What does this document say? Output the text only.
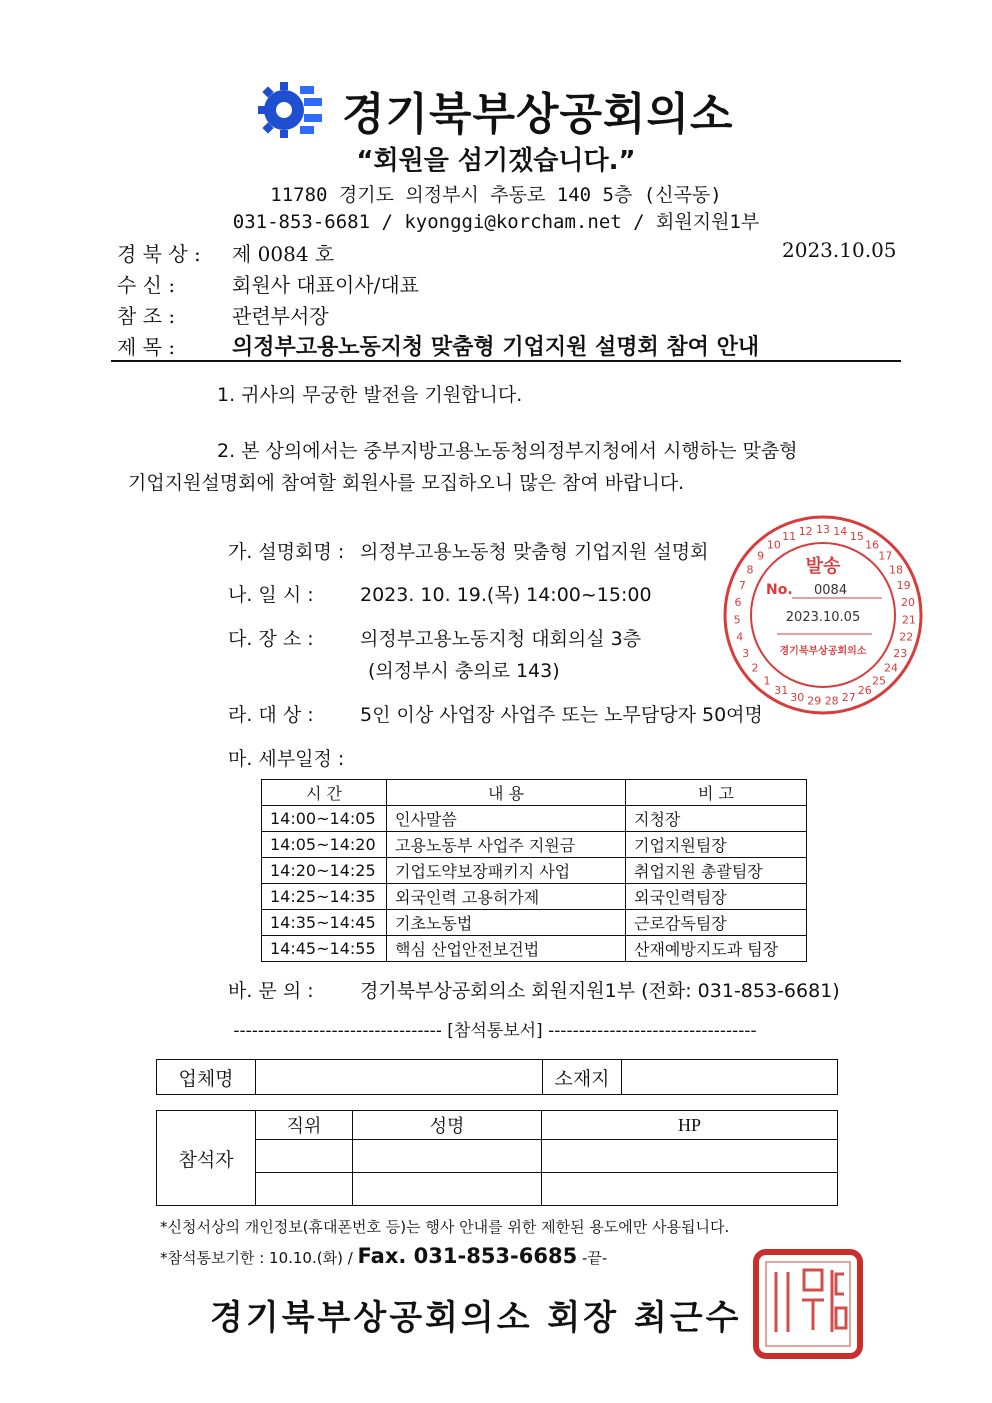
경기북부상공회의소
“회원을 섬기겠습니다.”
11780 경기도 의정부시 추동로 140 5층 (신곡동)
031-853-6681 / kyonggi@korcham.net / 회원지원1부
경 북 상 : 제 0084 호	2023.10.05
수 신 :	회원사 대표이사/대표
참 조 :	관련부서장
제 목 :	의정부고용노동지청 맞춤형 기업지원 설명회 참여 안내
1. 귀사의 무궁한 발전을 기원합니다.
2. 본 상의에서는 중부지방고용노동청의정부지청에서 시행하는 맞춤형
기업지원설명회에 참여할 회원사를 모집하오니 많은 참여 바랍니다.
가. 설명회명 : 의정부고용노동청 맞춤형 기업지원 설명회
나. 일 시 : 2023. 10. 19.(목) 14:00~15:00
다. 장 소 : 의정부고용노동지청 대회의실 3층
(의정부시 충의로 143)
라. 대 상 : 5인 이상 사업장 사업주 또는 노무담당자 50여명
마. 세부일정 :
시 간	내 용	비 고
14:00~14:05	인사말씀	지청장
14:05~14:20	고용노동부 사업주 지원금	기업지원팀장
14:20~14:25	기업도약보장패키지 사업	취업지원 총괄팀장
14:25~14:35	외국인력 고용허가제	외국인력팀장
14:35~14:45	기초노동법	근로감독팀장
14:45~14:55	핵심 산업안전보건법	산재예방지도과 팀장
바. 문 의 : 경기북부상공회의소 회원지원1부 (전화: 031-853-6681)
1
2
3
4
5
6
7
8
9
10
11 12 13 14 15
16
17
18
19
20
21
22
23
24
25
26
27
28
29
30
31
발송
No. 0084
2023.10.05
경기북부상공회의소
---------------------------------- [참석통보서] ----------------------------------
업체명		소재지	
참석자	직위	성명	HP

*신청서상의 개인정보(휴대폰번호 등)는 행사 안내를 위한 제한된 용도에만 사용됩니다.
*참석통보기한 : 10.10.(화) / Fax. 031-853-6685 -끝-
경기북부상공회의소 회장 최근수
